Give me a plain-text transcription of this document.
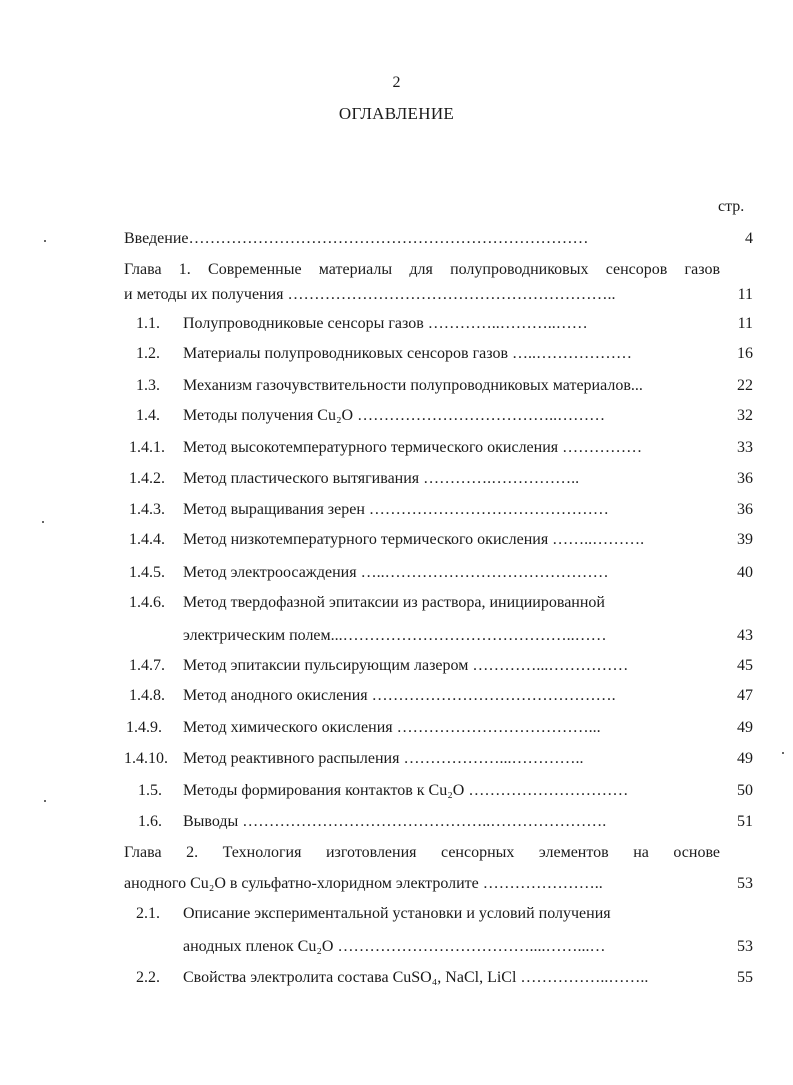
2
ОГЛАВЛЕНИЕ
стр.
Введение…………………………………………………………………	4
Глава 1. Современные материалы для полупроводниковых сенсоров газов
и методы их получения ……………………………………………………..	11
1.1. Полупроводниковые сенсоры газов …………..………..……	11
1.2. Материалы полупроводниковых сенсоров газов …..………………	16
1.3. Механизм газочувствительности полупроводниковых материалов...	22
1.4. Методы получения Cu₂O ………………………………..………	32
1.4.1. Метод высокотемпературного термического окисления ……………	33
1.4.2. Метод пластического вытягивания ………….……………..	36
1.4.3. Метод выращивания зерен ………………………………………	36
1.4.4. Метод низкотемпературного термического окисления ……..……….	39
1.4.5. Метод электроосаждения …..……………………………………	40
1.4.6. Метод твердофазной эпитаксии из раствора, инициированной
электрическим полем...……………………………………..……	43
1.4.7. Метод эпитаксии пульсирующим лазером …………...……………	45
1.4.8. Метод анодного окисления ……………………………………….	47
1.4.9. Метод химического окисления ………………………………...	49
1.4.10. Метод реактивного распыления ………………...…………..	49
1.5. Методы формирования контактов к Cu₂O …………………………	50
1.6. Выводы ………………………………………..………………….	51
Глава 2. Технология изготовления сенсорных элементов на основе
анодного Cu₂O в сульфатно-хлоридном электролите …………………..	53
2.1. Описание экспериментальной установки и условий получения
анодных пленок Cu₂O ………………………………....……...…	53
2.2. Свойства электролита состава CuSO₄, NaCl, LiCl ……………..……..	55
